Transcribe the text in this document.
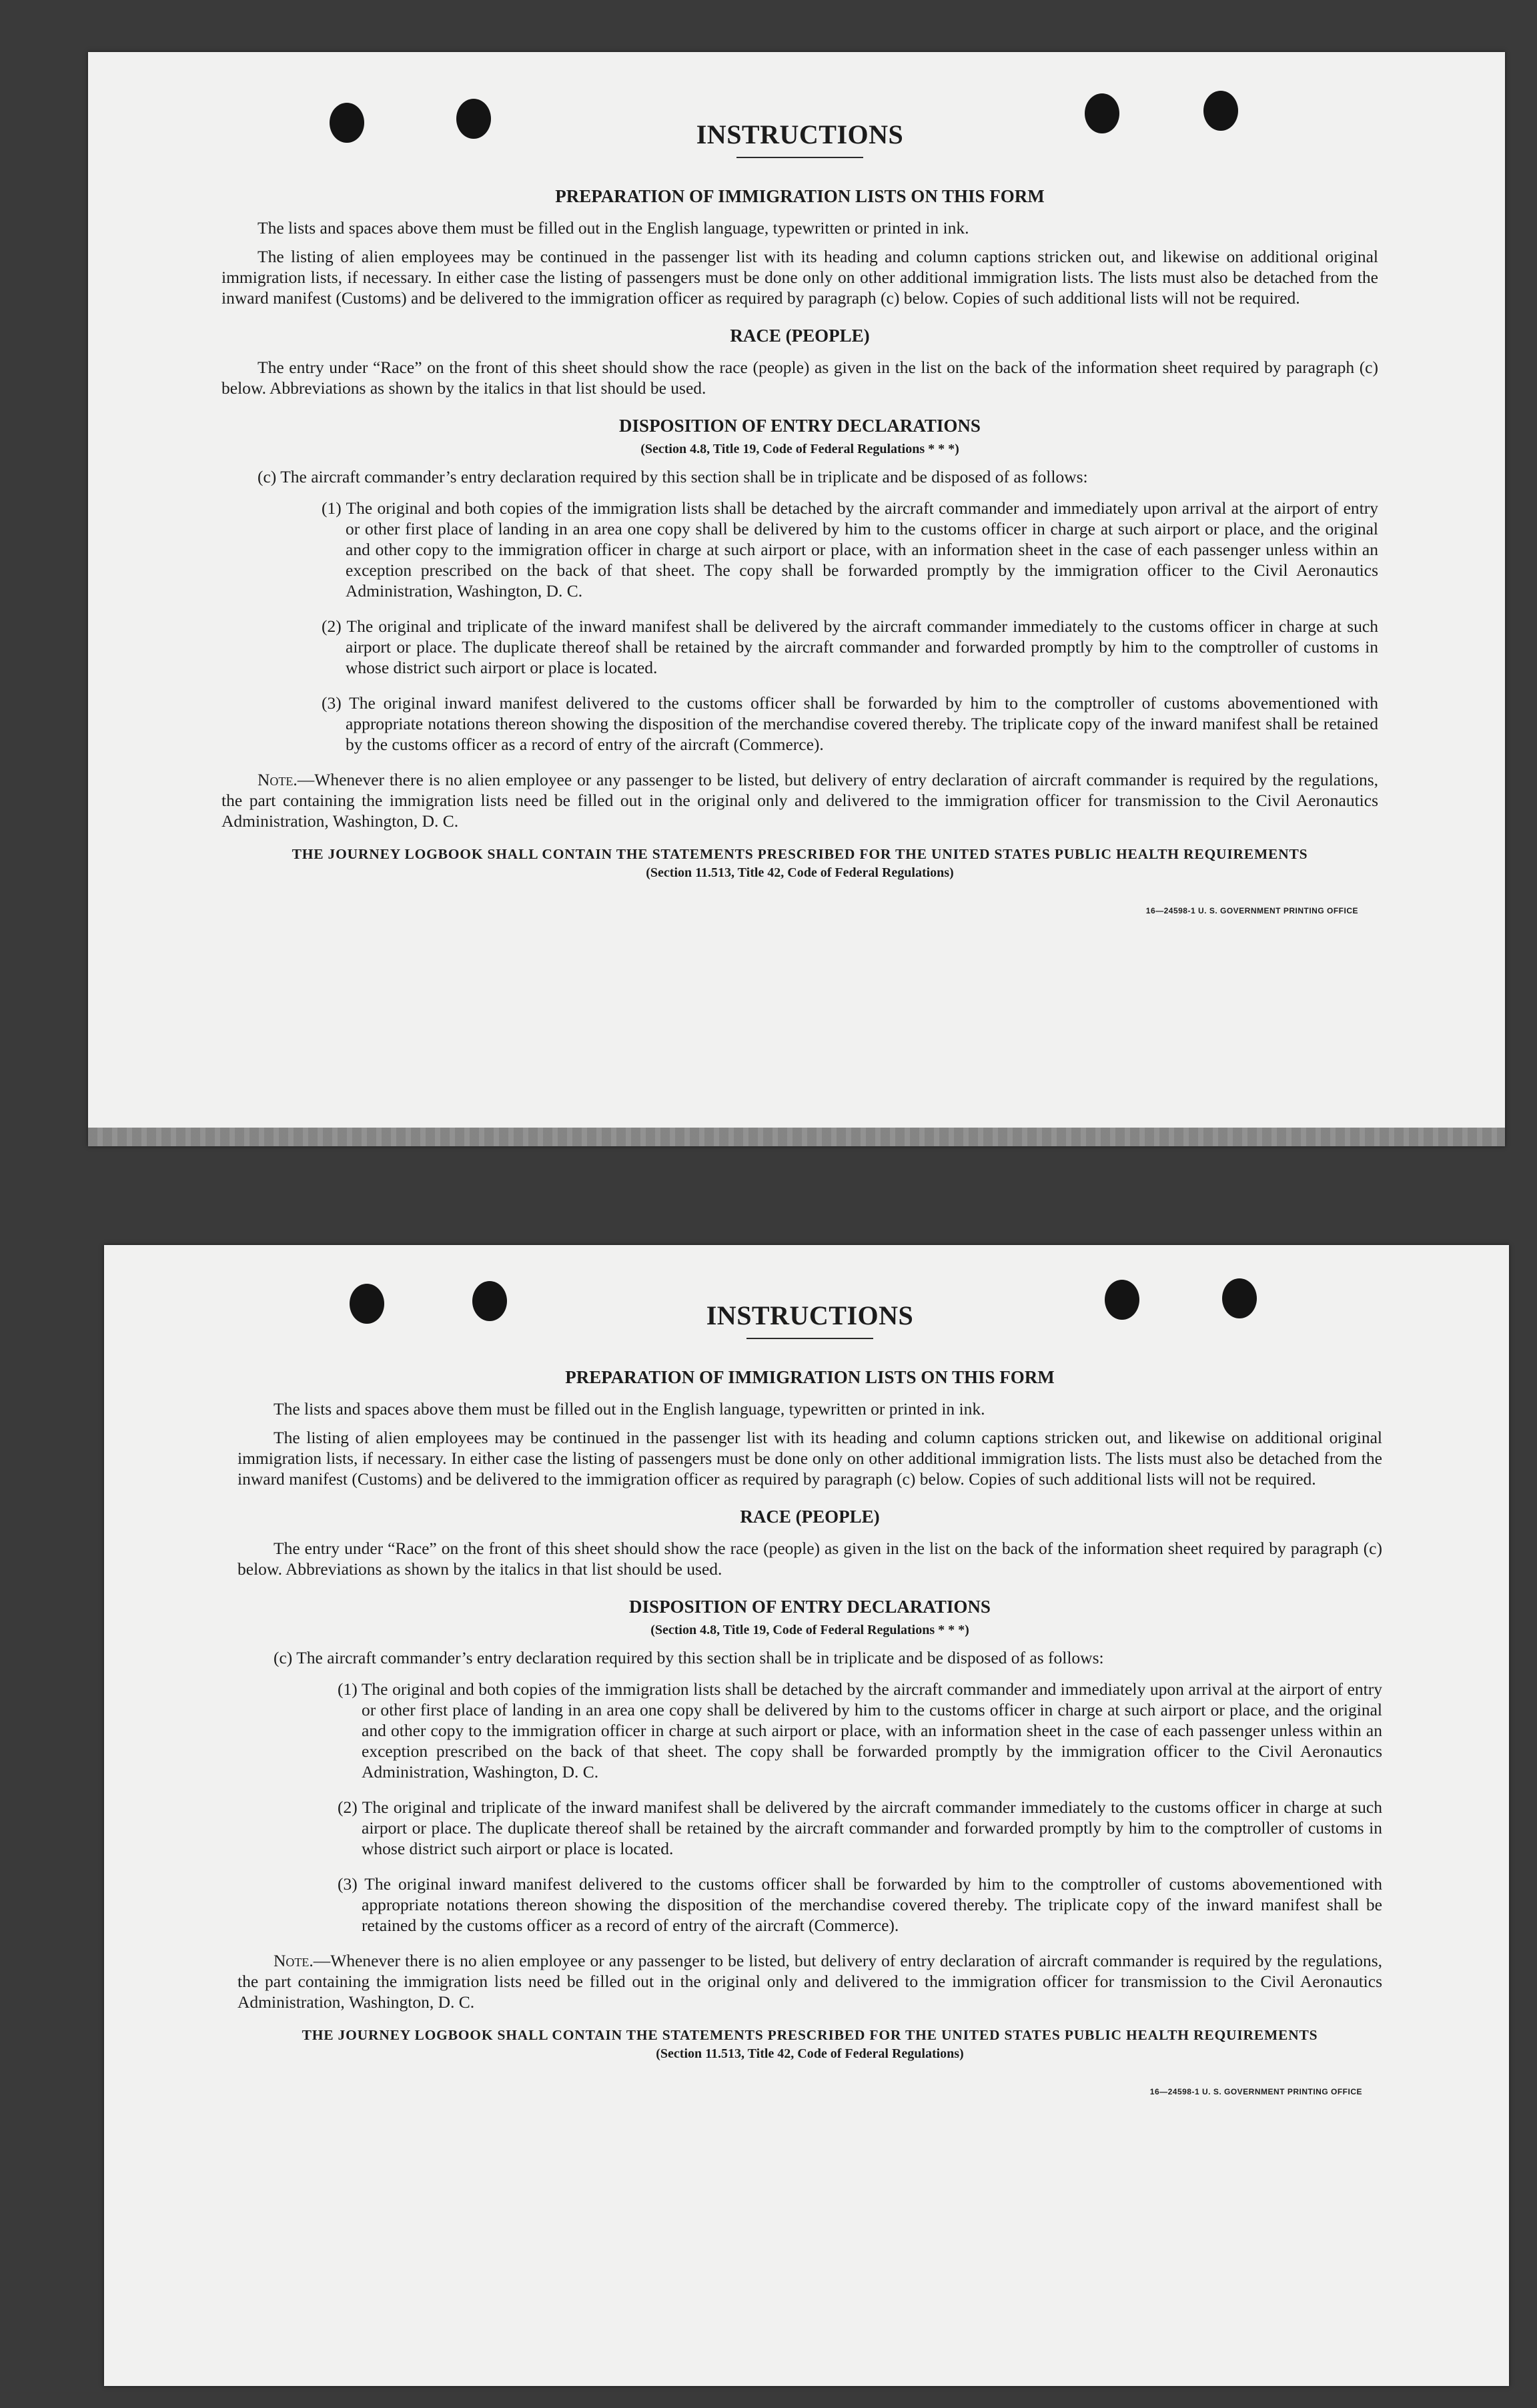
INSTRUCTIONS
PREPARATION OF IMMIGRATION LISTS ON THIS FORM

The lists and spaces above them must be filled out in the English language, typewritten or printed in ink.

The listing of alien employees may be continued in the passenger list with its heading and column captions stricken out, and likewise on additional original immigration lists, if necessary. In either case the listing of passengers must be done only on other additional immigration lists. The lists must also be detached from the inward manifest (Customs) and be delivered to the immigration officer as required by paragraph (c) below. Copies of such additional lists will not be required.

RACE (PEOPLE)

The entry under “Race” on the front of this sheet should show the race (people) as given in the list on the back of the information sheet required by paragraph (c) below. Abbreviations as shown by the italics in that list should be used.

DISPOSITION OF ENTRY DECLARATIONS

(Section 4.8, Title 19, Code of Federal Regulations * * *)

(c) The aircraft commander’s entry declaration required by this section shall be in triplicate and be disposed of as follows:

(1) The original and both copies of the immigration lists shall be detached by the aircraft commander and immediately upon arrival at the airport of entry or other first place of landing in an area one copy shall be delivered by him to the customs officer in charge at such airport or place, and the original and other copy to the immigration officer in charge at such airport or place, with an information sheet in the case of each passenger unless within an exception prescribed on the back of that sheet. The copy shall be forwarded promptly by the immigration officer to the Civil Aeronautics Administration, Washington, D. C.

(2) The original and triplicate of the inward manifest shall be delivered by the aircraft commander immediately to the customs officer in charge at such airport or place. The duplicate thereof shall be retained by the aircraft commander and forwarded promptly by him to the comptroller of customs in whose district such airport or place is located.

(3) The original inward manifest delivered to the customs officer shall be forwarded by him to the comptroller of customs abovementioned with appropriate notations thereon showing the disposition of the merchandise covered thereby. The triplicate copy of the inward manifest shall be retained by the customs officer as a record of entry of the aircraft (Commerce).

Note.—Whenever there is no alien employee or any passenger to be listed, but delivery of entry declaration of aircraft commander is required by the regulations, the part containing the immigration lists need be filled out in the original only and delivered to the immigration officer for transmission to the Civil Aeronautics Administration, Washington, D. C.

THE JOURNEY LOGBOOK SHALL CONTAIN THE STATEMENTS PRESCRIBED FOR THE UNITED STATES PUBLIC HEALTH REQUIREMENTS

(Section 11.513, Title 42, Code of Federal Regulations)

16—24598-1 U. S. GOVERNMENT PRINTING OFFICE

INSTRUCTIONS
PREPARATION OF IMMIGRATION LISTS ON THIS FORM

The lists and spaces above them must be filled out in the English language, typewritten or printed in ink.

The listing of alien employees may be continued in the passenger list with its heading and column captions stricken out, and likewise on additional original immigration lists, if necessary. In either case the listing of passengers must be done only on other additional immigration lists. The lists must also be detached from the inward manifest (Customs) and be delivered to the immigration officer as required by paragraph (c) below. Copies of such additional lists will not be required.

RACE (PEOPLE)

The entry under “Race” on the front of this sheet should show the race (people) as given in the list on the back of the information sheet required by paragraph (c) below. Abbreviations as shown by the italics in that list should be used.

DISPOSITION OF ENTRY DECLARATIONS

(Section 4.8, Title 19, Code of Federal Regulations * * *)

(c) The aircraft commander’s entry declaration required by this section shall be in triplicate and be disposed of as follows:

(1) The original and both copies of the immigration lists shall be detached by the aircraft commander and immediately upon arrival at the airport of entry or other first place of landing in an area one copy shall be delivered by him to the customs officer in charge at such airport or place, and the original and other copy to the immigration officer in charge at such airport or place, with an information sheet in the case of each passenger unless within an exception prescribed on the back of that sheet. The copy shall be forwarded promptly by the immigration officer to the Civil Aeronautics Administration, Washington, D. C.

(2) The original and triplicate of the inward manifest shall be delivered by the aircraft commander immediately to the customs officer in charge at such airport or place. The duplicate thereof shall be retained by the aircraft commander and forwarded promptly by him to the comptroller of customs in whose district such airport or place is located.

(3) The original inward manifest delivered to the customs officer shall be forwarded by him to the comptroller of customs abovementioned with appropriate notations thereon showing the disposition of the merchandise covered thereby. The triplicate copy of the inward manifest shall be retained by the customs officer as a record of entry of the aircraft (Commerce).

Note.—Whenever there is no alien employee or any passenger to be listed, but delivery of entry declaration of aircraft commander is required by the regulations, the part containing the immigration lists need be filled out in the original only and delivered to the immigration officer for transmission to the Civil Aeronautics Administration, Washington, D. C.

THE JOURNEY LOGBOOK SHALL CONTAIN THE STATEMENTS PRESCRIBED FOR THE UNITED STATES PUBLIC HEALTH REQUIREMENTS

(Section 11.513, Title 42, Code of Federal Regulations)

16—24598-1 U. S. GOVERNMENT PRINTING OFFICE
